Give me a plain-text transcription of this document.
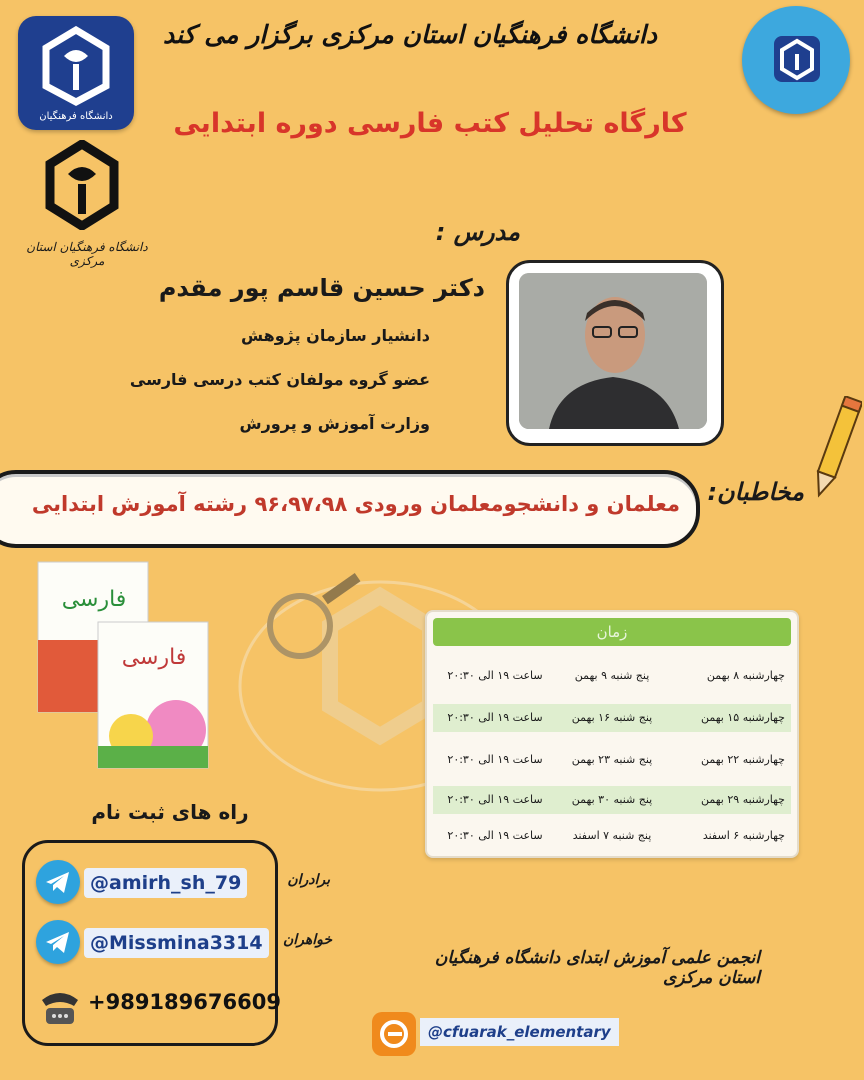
دانشگاه فرهنگیان
دانشگاه فرهنگیان استان مرکزی
دانشگاه فرهنگیان استان مرکزی برگزار می کند
کارگاه تحلیل کتب فارسی دوره ابتدایی
مدرس :
دکتر حسین قاسم پور مقدم
دانشیار سازمان پژوهش
عضو گروه مولفان کتب درسی فارسی
وزارت آموزش و پرورش
معلمان و دانشجومعلمان ورودی ۹۶،۹۷،۹۸ رشته آموزش ابتدایی مخاطبان:
فارسی
فارسی
زمان
چهارشنبه ۸ بهمن
پنج شنبه ۹ بهمن
ساعت ۱۹ الی ۲۰:۳۰
چهارشنبه ۱۵ بهمن
پنج شنبه ۱۶ بهمن
ساعت ۱۹ الی ۲۰:۳۰
چهارشنبه ۲۲ بهمن
پنج شنبه ۲۳ بهمن
ساعت ۱۹ الی ۲۰:۳۰
چهارشنبه ۲۹ بهمن
پنج شنبه ۳۰ بهمن
ساعت ۱۹ الی ۲۰:۳۰
چهارشنبه ۶ اسفند
پنج شنبه ۷ اسفند
ساعت ۱۹ الی ۲۰:۳۰
راه های ثبت نام
@amirh_sh_79	برادران
@Missmina3314	خواهران
+989189676609
انجمن علمی آموزش ابتدای دانشگاه فرهنگیان استان مرکزی
@cfuarak_elementary
